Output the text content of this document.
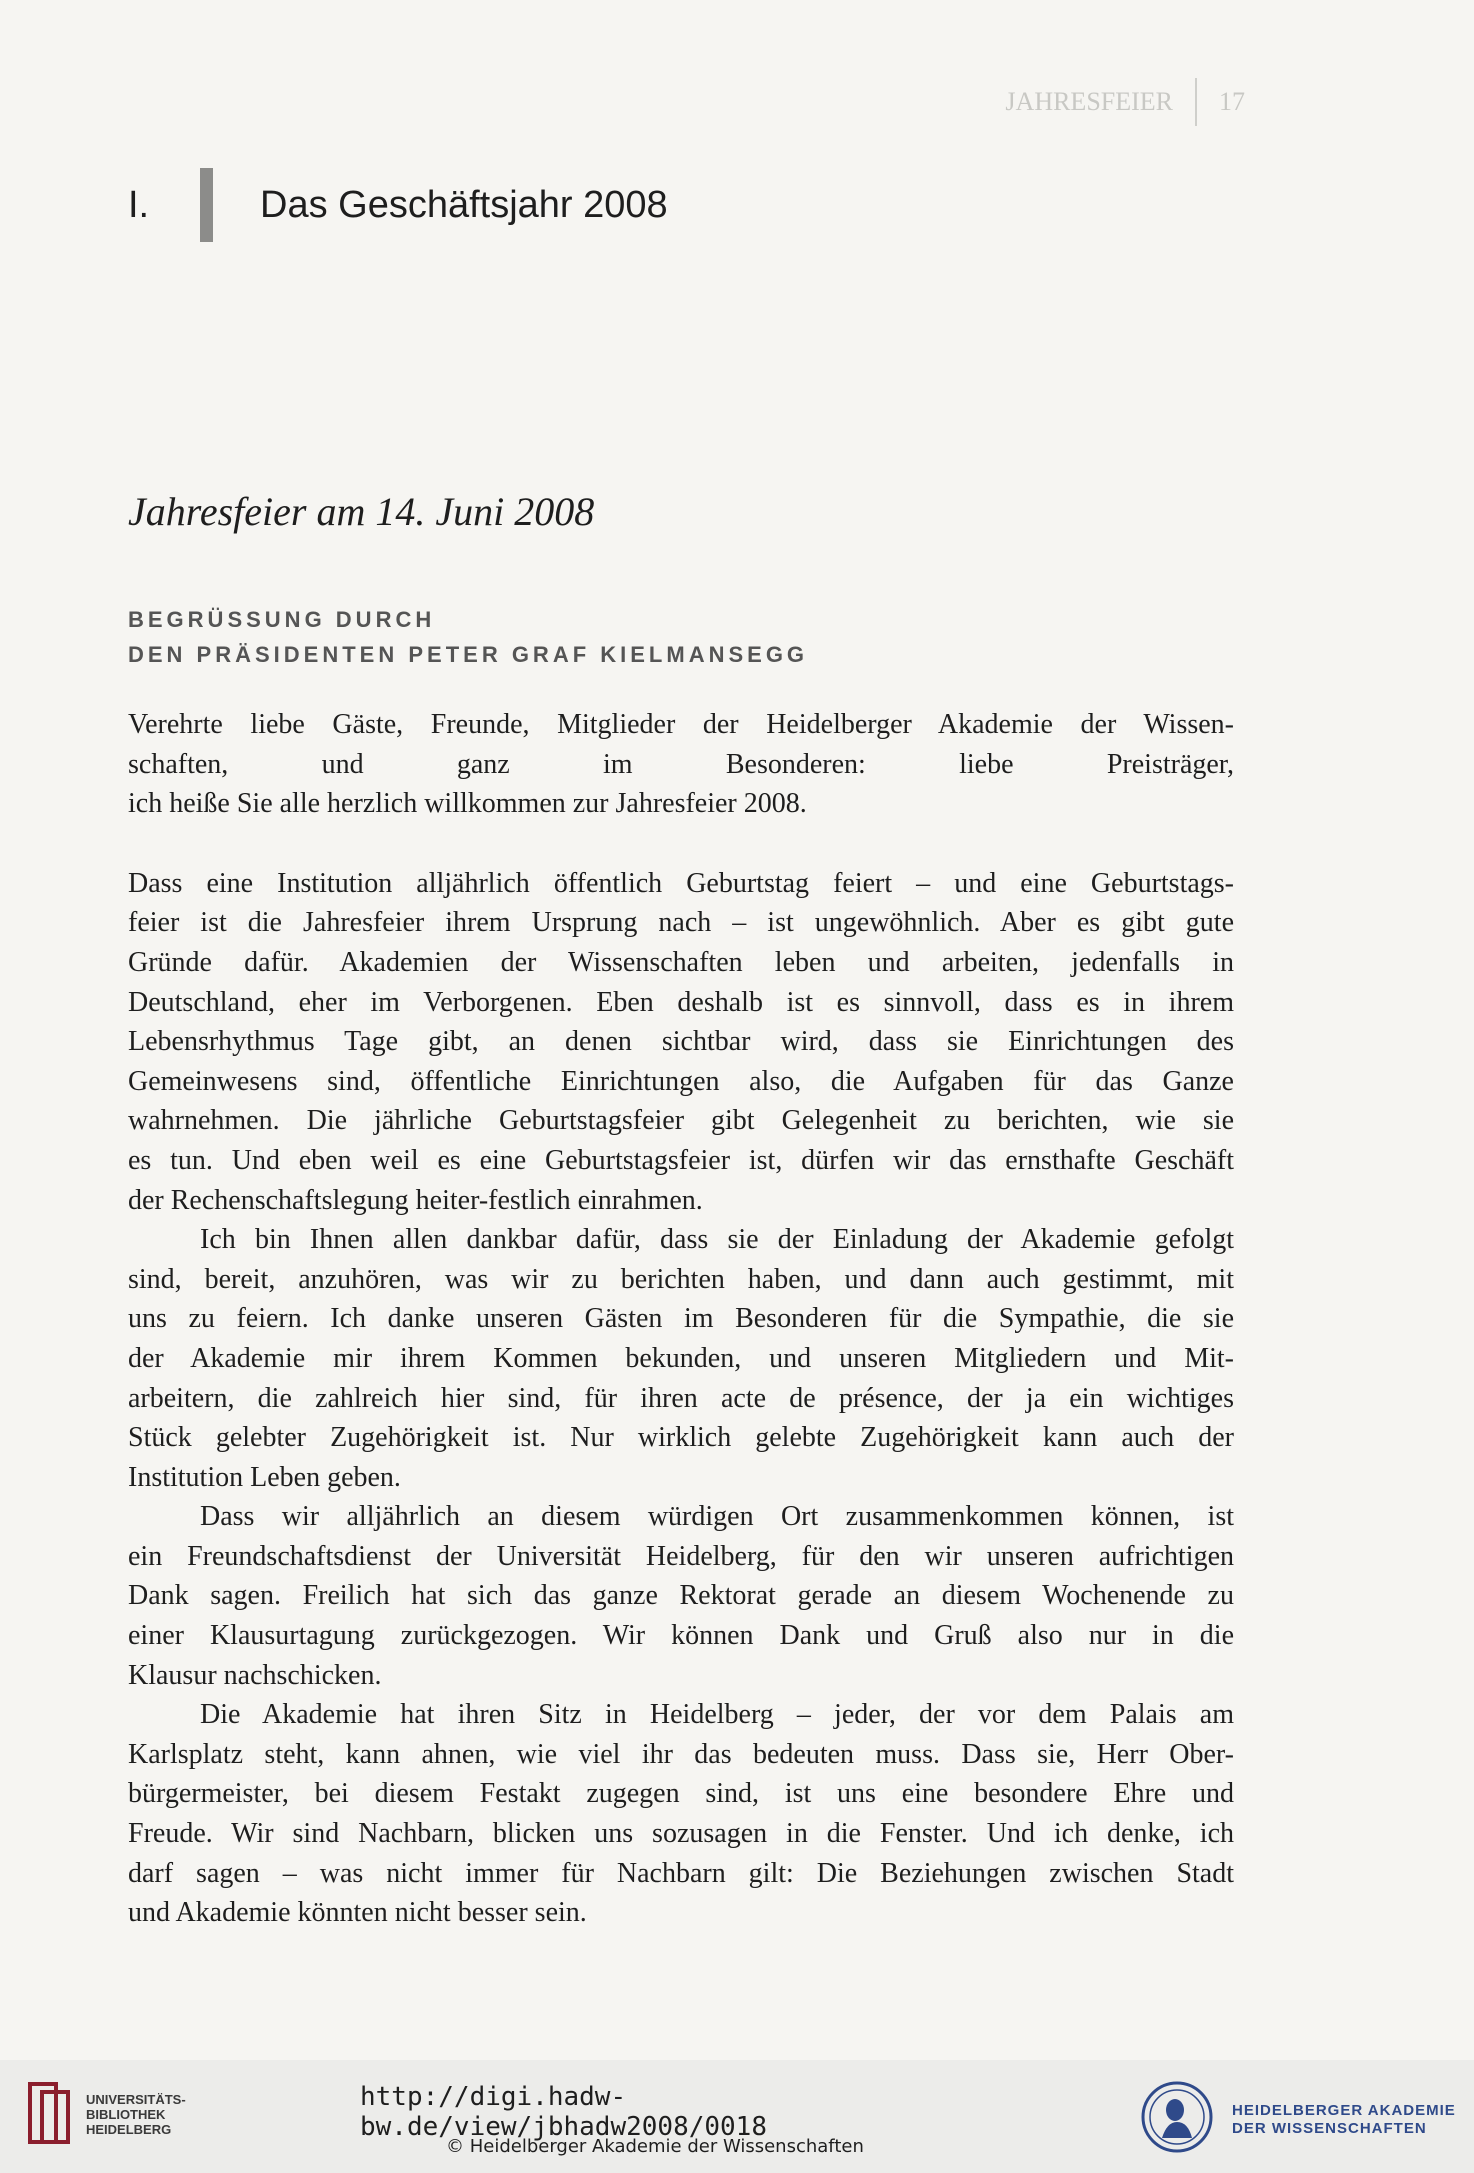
JAHRESFEIER 17
I.	Das Geschäftsjahr 2008
Jahresfeier am 14. Juni 2008
BEGRÜSSUNG DURCH
DEN PRÄSIDENTEN PETER GRAF KIELMANSEGG

Verehrte liebe Gäste, Freunde, Mitglieder der Heidelberger Akademie der Wissen-
schaften, und ganz im Besonderen: liebe Preisträger,
ich heiße Sie alle herzlich willkommen zur Jahresfeier 2008.

Dass eine Institution alljährlich öffentlich Geburtstag feiert – und eine Geburtstags-
feier ist die Jahresfeier ihrem Ursprung nach – ist ungewöhnlich. Aber es gibt gute
Gründe dafür. Akademien der Wissenschaften leben und arbeiten, jedenfalls in
Deutschland, eher im Verborgenen. Eben deshalb ist es sinnvoll, dass es in ihrem
Lebensrhythmus Tage gibt, an denen sichtbar wird, dass sie Einrichtungen des
Gemeinwesens sind, öffentliche Einrichtungen also, die Aufgaben für das Ganze
wahrnehmen. Die jährliche Geburtstagsfeier gibt Gelegenheit zu berichten, wie sie
es tun. Und eben weil es eine Geburtstagsfeier ist, dürfen wir das ernsthafte Geschäft
der Rechenschaftslegung heiter-festlich einrahmen.

Ich bin Ihnen allen dankbar dafür, dass sie der Einladung der Akademie gefolgt
sind, bereit, anzuhören, was wir zu berichten haben, und dann auch gestimmt, mit
uns zu feiern. Ich danke unseren Gästen im Besonderen für die Sympathie, die sie
der Akademie mir ihrem Kommen bekunden, und unseren Mitgliedern und Mit-
arbeitern, die zahlreich hier sind, für ihren acte de présence, der ja ein wichtiges
Stück gelebter Zugehörigkeit ist. Nur wirklich gelebte Zugehörigkeit kann auch der
Institution Leben geben.

Dass wir alljährlich an diesem würdigen Ort zusammenkommen können, ist
ein Freundschaftsdienst der Universität Heidelberg, für den wir unseren aufrichtigen
Dank sagen. Freilich hat sich das ganze Rektorat gerade an diesem Wochenende zu
einer Klausurtagung zurückgezogen. Wir können Dank und Gruß also nur in die
Klausur nachschicken.

Die Akademie hat ihren Sitz in Heidelberg – jeder, der vor dem Palais am
Karlsplatz steht, kann ahnen, wie viel ihr das bedeuten muss. Dass sie, Herr Ober-
bürgermeister, bei diesem Festakt zugegen sind, ist uns eine besondere Ehre und
Freude. Wir sind Nachbarn, blicken uns sozusagen in die Fenster. Und ich denke, ich
darf sagen – was nicht immer für Nachbarn gilt: Die Beziehungen zwischen Stadt
und Akademie könnten nicht besser sein.

UNIVERSITÄTS-
BIBLIOTHEK
HEIDELBERG
http://digi.hadw-bw.de/view/jbhadw2008/0018
© Heidelberger Akademie der Wissenschaften
HEIDELBERGER AKADEMIE
DER WISSENSCHAFTEN
